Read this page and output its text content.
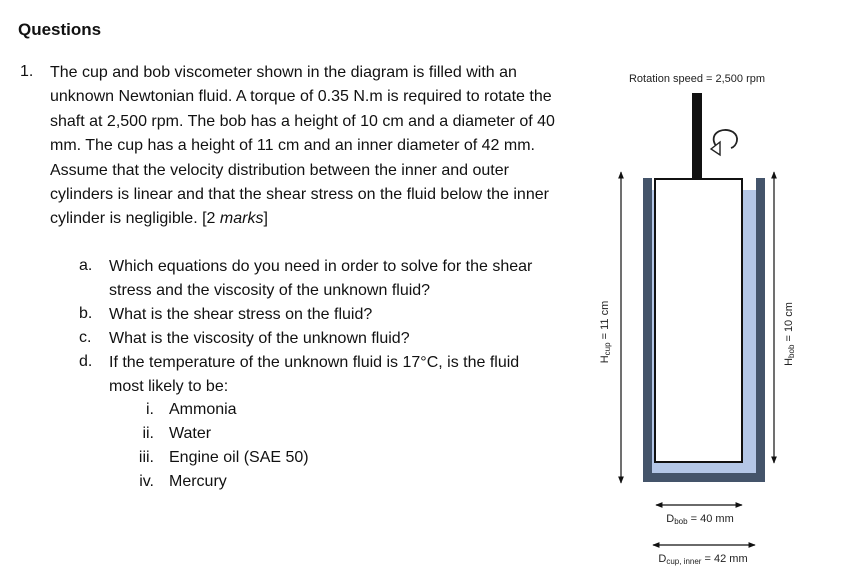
Questions
1. The cup and bob viscometer shown in the diagram is filled with an unknown Newtonian fluid. A torque of 0.35 N.m is required to rotate the shaft at 2,500 rpm. The bob has a height of 10 cm and a diameter of 40 mm. The cup has a height of 11 cm and an inner diameter of 42 mm. Assume that the velocity distribution between the inner and outer cylinders is linear and that the shear stress on the fluid below the inner cylinder is negligible. [2 marks]
a. Which equations do you need in order to solve for the shear
stress and the viscosity of the unknown fluid?
b. What is the shear stress on the fluid?
c. What is the viscosity of the unknown fluid?
d. If the temperature of the unknown fluid is 17°C, is the fluid
most likely to be:
i. Ammonia
ii. Water
iii. Engine oil (SAE 50)
iv. Mercury
Rotation speed = 2,500 rpm
Hcup = 11 cm
Hbob = 10 cm
Dbob = 40 mm
Dcup, inner = 42 mm
